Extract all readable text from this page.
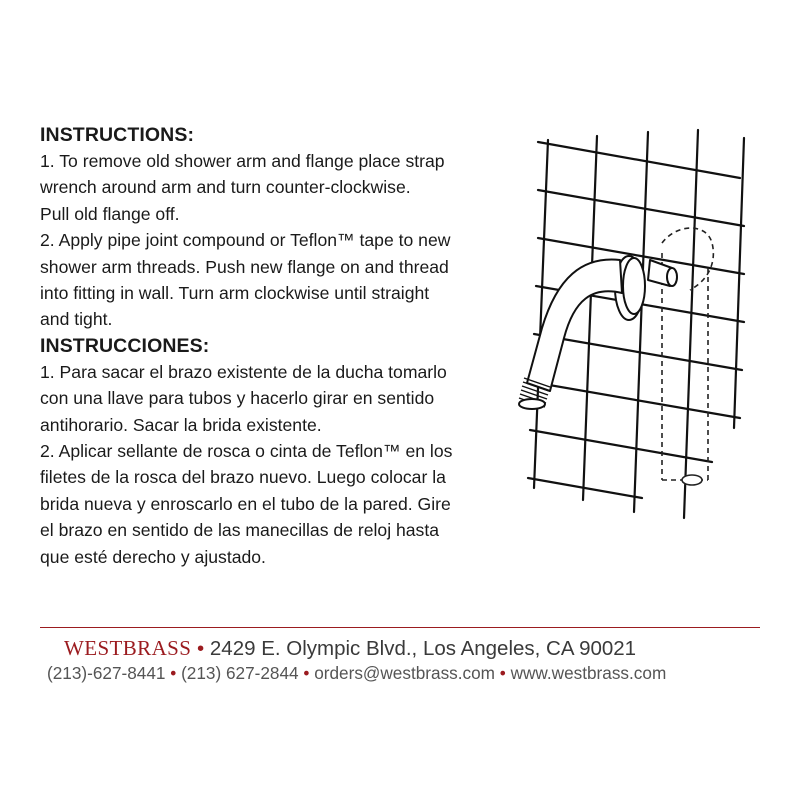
INSTRUCTIONS:

1. To remove old shower arm and flange place strap

wrench around arm and turn counter-clockwise.

Pull old flange off.

2. Apply pipe joint compound or Teflon™ tape to new

shower arm threads. Push new flange on and thread

into fitting in wall. Turn arm clockwise until straight

and tight.

INSTRUCCIONES:

1. Para sacar el brazo existente de la ducha tomarlo

con una llave para tubos y hacerlo girar en sentido

antihorario. Sacar la brida existente.

2. Aplicar sellante de rosca o cinta de Teflon™ en los

filetes de la rosca del brazo nuevo. Luego colocar la

brida nueva y enroscarlo en el tubo de la pared. Gire

el brazo en sentido de las manecillas de reloj hasta

que esté derecho y ajustado.

WESTBRASS • 2429 E. Olympic Blvd., Los Angeles, CA 90021
(213)-627-8441 • (213) 627-2844 • orders@westbrass.com • www.westbrass.com
